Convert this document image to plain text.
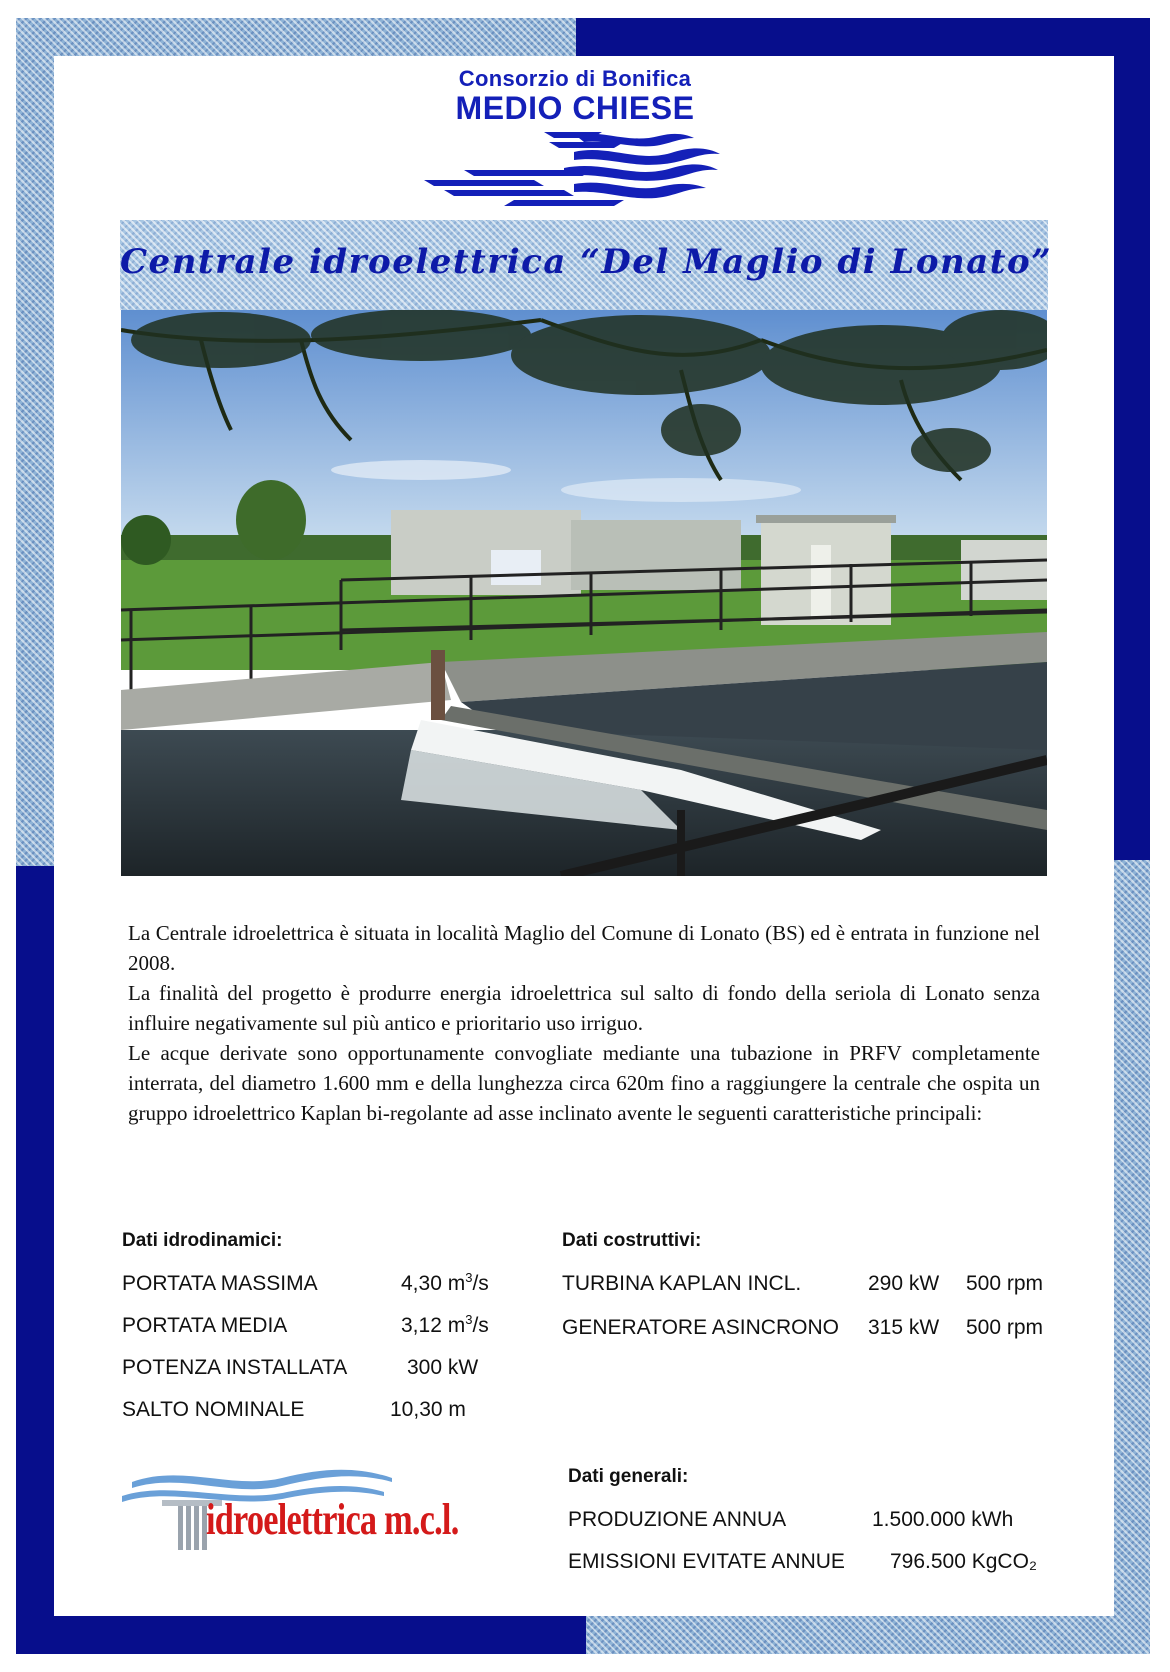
Consorzio di Bonifica
MEDIO CHIESE
Centrale idroelettrica “Del Maglio di Lonato”

La Centrale idroelettrica è situata in località Maglio del Comune di Lonato (BS) ed è entrata in funzione nel 2008.

La finalità del progetto è produrre energia idroelettrica sul salto di fondo della seriola di Lonato senza influire negativamente sul più antico e prioritario uso irriguo.

Le acque derivate sono opportunamente convogliate mediante una tubazione in PRFV completamente interrata, del diametro 1.600 mm e della lunghezza circa 620m fino a raggiungere la centrale che ospita un gruppo idroelettrico Kaplan bi-regolante ad asse inclinato avente le seguenti caratteristiche principali:

Dati idrodinamici:
PORTATA MASSIMA	4,30 $m^3/s$
PORTATA MEDIA	3,12 $m^3/s$
POTENZA INSTALLATA	300 kW
SALTO NOMINALE	10,30 m
Dati costruttivi:
TURBINA KAPLAN INCL.	290 kW 500 rpm
GENERATORE ASINCRONO 315 kW 500 rpm
Dati generali:
PRODUZIONE ANNUA	1.500.000 kWh
EMISSIONI EVITATE ANNUE 796.500 KgCO₂
idroelettrica m.c.l.
